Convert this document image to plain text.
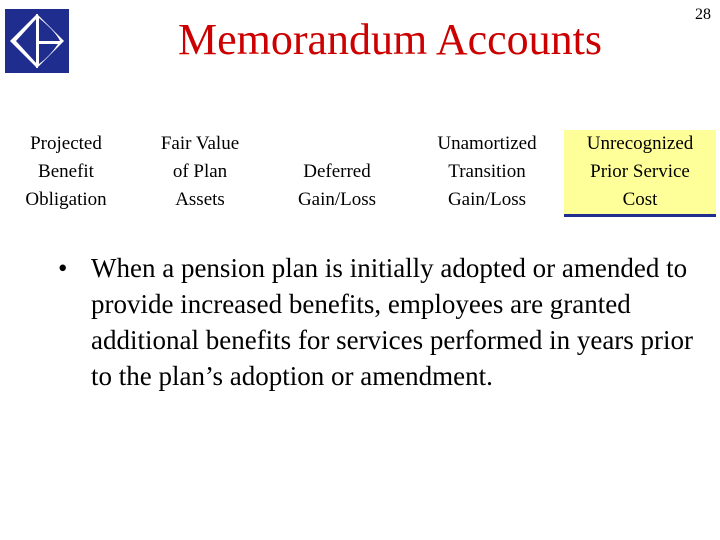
Memorandum Accounts
28
Projected
Benefit
Obligation
Fair Value
of Plan
Assets
Deferred
Gain/Loss
Unamortized
Transition
Gain/Loss
Unrecognized
Prior Service
Cost
• When a pension plan is initially adopted or amended to provide increased benefits, employees are granted additional benefits for services performed in years prior to the plan’s adoption or amendment.
